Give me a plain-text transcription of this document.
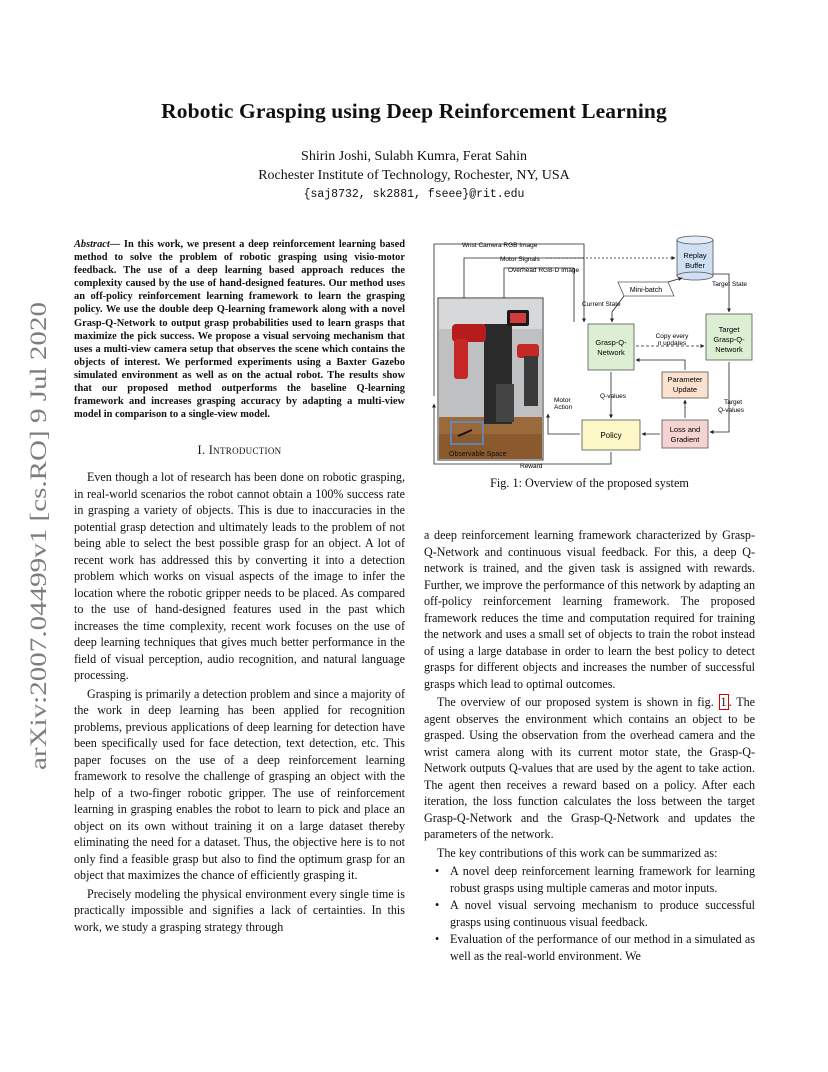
arXiv:2007.04499v1 [cs.RO] 9 Jul 2020
Robotic Grasping using Deep Reinforcement Learning
Shirin Joshi, Sulabh Kumra, Ferat Sahin
Rochester Institute of Technology, Rochester, NY, USA
{saj8732, sk2881, fseee}@rit.edu
Abstract— In this work, we present a deep reinforcement learning based method to solve the problem of robotic grasping using visio-motor feedback. The use of a deep learning based approach reduces the complexity caused by the use of hand-designed features. Our method uses an off-policy reinforcement learning framework to learn the grasping policy. We use the double deep Q-learning framework along with a novel Grasp-Q-Network to output grasp probabilities used to learn grasps that maximize the pick success. We propose a visual servoing mechanism that uses a multi-view camera setup that observes the scene which contains the objects of interest. We performed experiments using a Baxter Gazebo simulated environment as well as on the actual robot. The results show that our proposed method outperforms the baseline Q-learning framework and increases grasping accuracy by adapting a multi-view model in comparison to a single-view model.
I. Introduction

Even though a lot of research has been done on robotic grasping, in real-world scenarios the robot cannot obtain a 100% success rate in grasping a variety of objects. This is due to inaccuracies in the potential grasp detection and ultimately leads to the problem of not being able to select the best possible grasp for an object. A lot of recent work has addressed this by converting it into a detection problem which works on visual aspects of the image to infer the location where the robotic gripper needs to be placed. As compared to the use of hand-designed features used in the past which increases the time complexity, recent work focuses on the use of deep learning techniques that gives much better performance in the field of visual perception, audio recognition, and natural language processing.

Grasping is primarily a detection problem and since a majority of the work in deep learning has been applied for recognition problems, previous applications of deep learning for detection have been specifically used for face detection, text detection, etc. This paper focuses on the use of a deep reinforcement learning framework to resolve the challenge of grasping an object with the help of a two-finger robotic gripper. The use of reinforcement learning in grasping enables the robot to learn to pick and place an object on its own without training it on a large dataset thereby eliminating the need for a dataset. Thus, the objective here is to not only find a feasible grasp but also to find the optimum grasp for an object that maximizes the chance of efficiently grasping it.

Precisely modeling the physical environment every single time is practically impossible and signifies a lack of certainties. In this work, we study a grasping strategy through

Observable Space
Replay
Buffer
Mini-batch
Grasp-Q-
Network
Target
Grasp-Q-
Network
Parameter
Update
Policy
Loss and
Gradient
Wrist Camera RGB Image
Motor Signals
Overhead RGB-D Image
Target State
Current State
Copy every
n updates
Motor
Action
Q-values
Target
Q-values
Reward
Fig. 1: Overview of the proposed system

a deep reinforcement learning framework characterized by Grasp-Q-Network and continuous visual feedback. For this, a deep Q-network is trained, and the given task is assigned with rewards. Further, we improve the performance of this network by adapting an off-policy reinforcement learning framework. The proposed framework reduces the time and computation required for training the network and uses a small set of objects to train the robot instead of using a large database in order to learn the best policy to detect grasps for different objects and increases the number of successful grasps which lead to optimal outcomes.

The overview of our proposed system is shown in fig. 1 . The agent observes the environment which contains an object to be grasped. Using the observation from the overhead camera and the wrist camera along with its current motor state, the Grasp-Q-Network outputs Q-values that are used by the agent to take action. The agent then receives a reward based on a policy. After each iteration, the loss function calculates the loss between the target Grasp-Q-Network and the Grasp-Q-Network and updates the parameters of the network.

The key contributions of this work can be summarized as:

• A novel deep reinforcement learning framework for learning robust grasps using multiple cameras and motor inputs.
• A novel visual servoing mechanism to produce successful grasps using continuous visual feedback.
• Evaluation of the performance of our method in a simulated as well as the real-world environment. We
